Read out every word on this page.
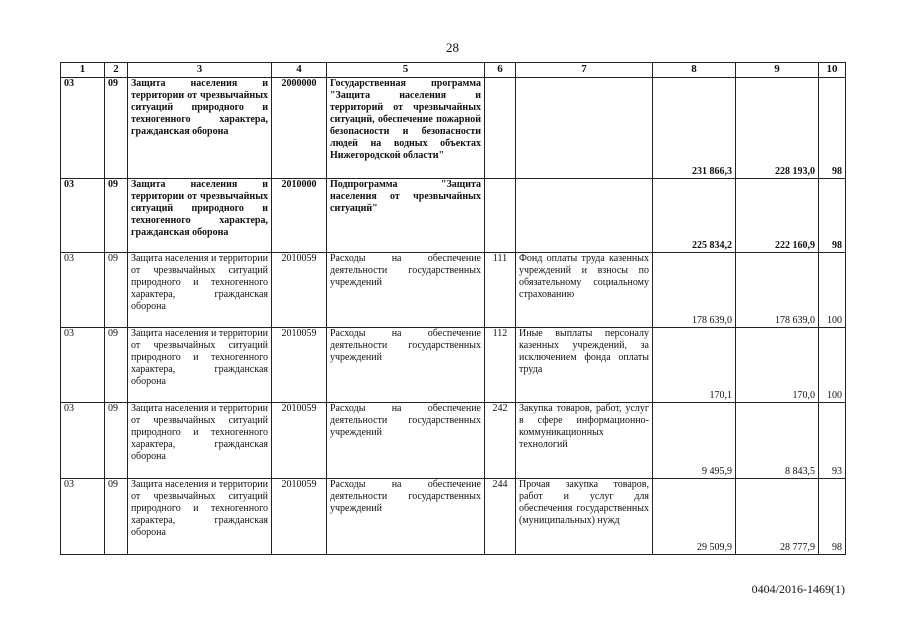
28
1	2	3	4	5	6	7	8	9	10
03	09	Защита населения и территории от чрезвычайных ситуаций природного и техногенного характера, гражданская оборона	2000000	Государственная программа "Защита населения и территорий от чрезвычайных ситуаций, обеспечение пожарной безопасности и безопасности людей на водных объектах Нижегородской области"			231 866,3	228 193,0	98
03	09	Защита населения и территории от чрезвычайных ситуаций природного и техногенного характера, гражданская оборона	2010000	Подпрограмма "Защита населения от чрезвычайных ситуаций"			225 834,2	222 160,9	98
03	09	Защита населения и территории от чрезвычайных ситуаций природного и техногенного характера, гражданская оборона	2010059	Расходы на обеспечение деятельности государственных учреждений	111	Фонд оплаты труда казенных учреждений и взносы по обязательному социальному страхованию	178 639,0	178 639,0	100
03	09	Защита населения и территории от чрезвычайных ситуаций природного и техногенного характера, гражданская оборона	2010059	Расходы на обеспечение деятельности государственных учреждений	112	Иные выплаты персоналу казенных учреждений, за исключением фонда оплаты труда	170,1	170,0	100
03	09	Защита населения и территории от чрезвычайных ситуаций природного и техногенного характера, гражданская оборона	2010059	Расходы на обеспечение деятельности государственных учреждений	242	Закупка товаров, работ, услуг в сфере информационно-коммуникационных технологий	9 495,9	8 843,5	93
03	09	Защита населения и территории от чрезвычайных ситуаций природного и техногенного характера, гражданская оборона	2010059	Расходы на обеспечение деятельности государственных учреждений	244	Прочая закупка товаров, работ и услуг для обеспечения государственных (муниципальных) нужд	29 509,9	28 777,9	98
0404/2016-1469(1)
